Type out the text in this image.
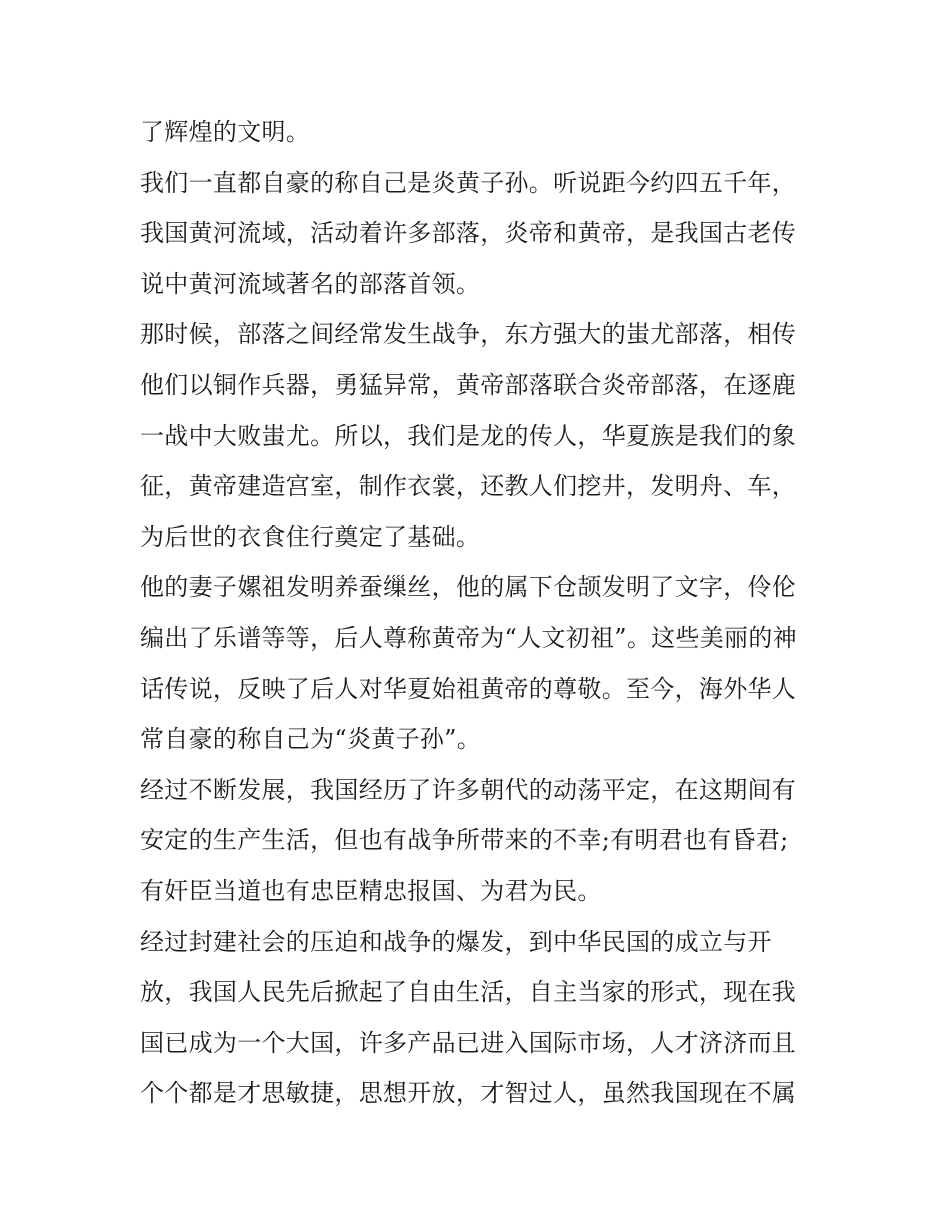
了辉煌的文明。
我们一直都自豪的称自己是炎黄子孙。听说距今约四五千年，
我国黄河流域，活动着许多部落，炎帝和黄帝，是我国古老传
说中黄河流域著名的部落首领。
那时候，部落之间经常发生战争，东方强大的蚩尤部落，相传
他们以铜作兵器，勇猛异常，黄帝部落联合炎帝部落，在逐鹿
一战中大败蚩尤。所以，我们是龙的传人，华夏族是我们的象
征，黄帝建造宫室，制作衣裳，还教人们挖井，发明舟、车，
为后世的衣食住行奠定了基础。
他的妻子嫘祖发明养蚕缫丝，他的属下仓颉发明了文字，伶伦
编出了乐谱等等，后人尊称黄帝为“人文初祖”。这些美丽的神
话传说，反映了后人对华夏始祖黄帝的尊敬。至今，海外华人
常自豪的称自己为“炎黄子孙”。
经过不断发展，我国经历了许多朝代的动荡平定，在这期间有
安定的生产生活，但也有战争所带来的不幸;有明君也有昏君;
有奸臣当道也有忠臣精忠报国、为君为民。
经过封建社会的压迫和战争的爆发，到中华民国的成立与开
放，我国人民先后掀起了自由生活，自主当家的形式，现在我
国已成为一个大国，许多产品已进入国际市场，人才济济而且
个个都是才思敏捷，思想开放，才智过人，虽然我国现在不属
